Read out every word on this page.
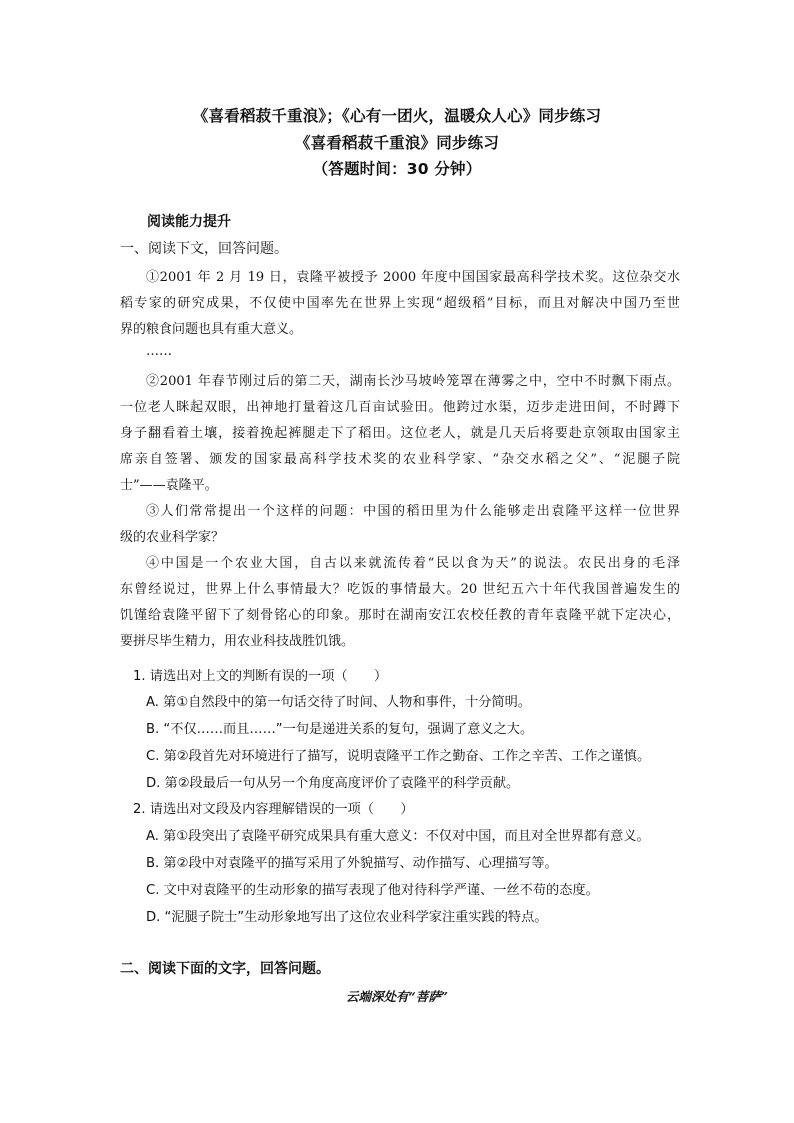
《喜看稻菽千重浪》；《心有一团火，温暖众人心》同步练习
《喜看稻菽千重浪》同步练习
（答题时间：30 分钟）
阅读能力提升
一、阅读下文，回答问题。
①2001 年 2 月 19 日，袁隆平被授予 2000 年度中国国家最高科学技术奖。这位杂交水
稻专家的研究成果，不仅使中国率先在世界上实现“超级稻”目标，而且对解决中国乃至世
界的粮食问题也具有重大意义。
……
②2001 年春节刚过后的第二天，湖南长沙马坡岭笼罩在薄雾之中，空中不时飘下雨点。
一位老人眯起双眼，出神地打量着这几百亩试验田。他跨过水渠，迈步走进田间，不时蹲下
身子翻看着土壤，接着挽起裤腿走下了稻田。这位老人，就是几天后将要赴京领取由国家主
席亲自签署、颁发的国家最高科学技术奖的农业科学家、“杂交水稻之父”、“泥腿子院
士”——袁隆平。
③人们常常提出一个这样的问题：中国的稻田里为什么能够走出袁隆平这样一位世界
级的农业科学家？
④中国是一个农业大国，自古以来就流传着“民以食为天”的说法。农民出身的毛泽
东曾经说过，世界上什么事情最大？吃饭的事情最大。20 世纪五六十年代我国普遍发生的
饥馑给袁隆平留下了刻骨铭心的印象。那时在湖南安江农校任教的青年袁隆平就下定决心，
要拼尽毕生精力，用农业科技战胜饥饿。
1. 请选出对上文的判断有误的一项（　　）
A. 第①自然段中的第一句话交待了时间、人物和事件，十分简明。
B. “不仅……而且……”一句是递进关系的复句，强调了意义之大。
C. 第②段首先对环境进行了描写，说明袁隆平工作之勤奋、工作之辛苦、工作之谨慎。
D. 第②段最后一句从另一个角度高度评价了袁隆平的科学贡献。
2. 请选出对文段及内容理解错误的一项（　　）
A. 第①段突出了袁隆平研究成果具有重大意义：不仅对中国，而且对全世界都有意义。
B. 第②段中对袁隆平的描写采用了外貌描写、动作描写、心理描写等。
C. 文中对袁隆平的生动形象的描写表现了他对待科学严谨、一丝不苟的态度。
D. “泥腿子院士”生动形象地写出了这位农业科学家注重实践的特点。
二、阅读下面的文字，回答问题。
云端深处有“菩萨”
